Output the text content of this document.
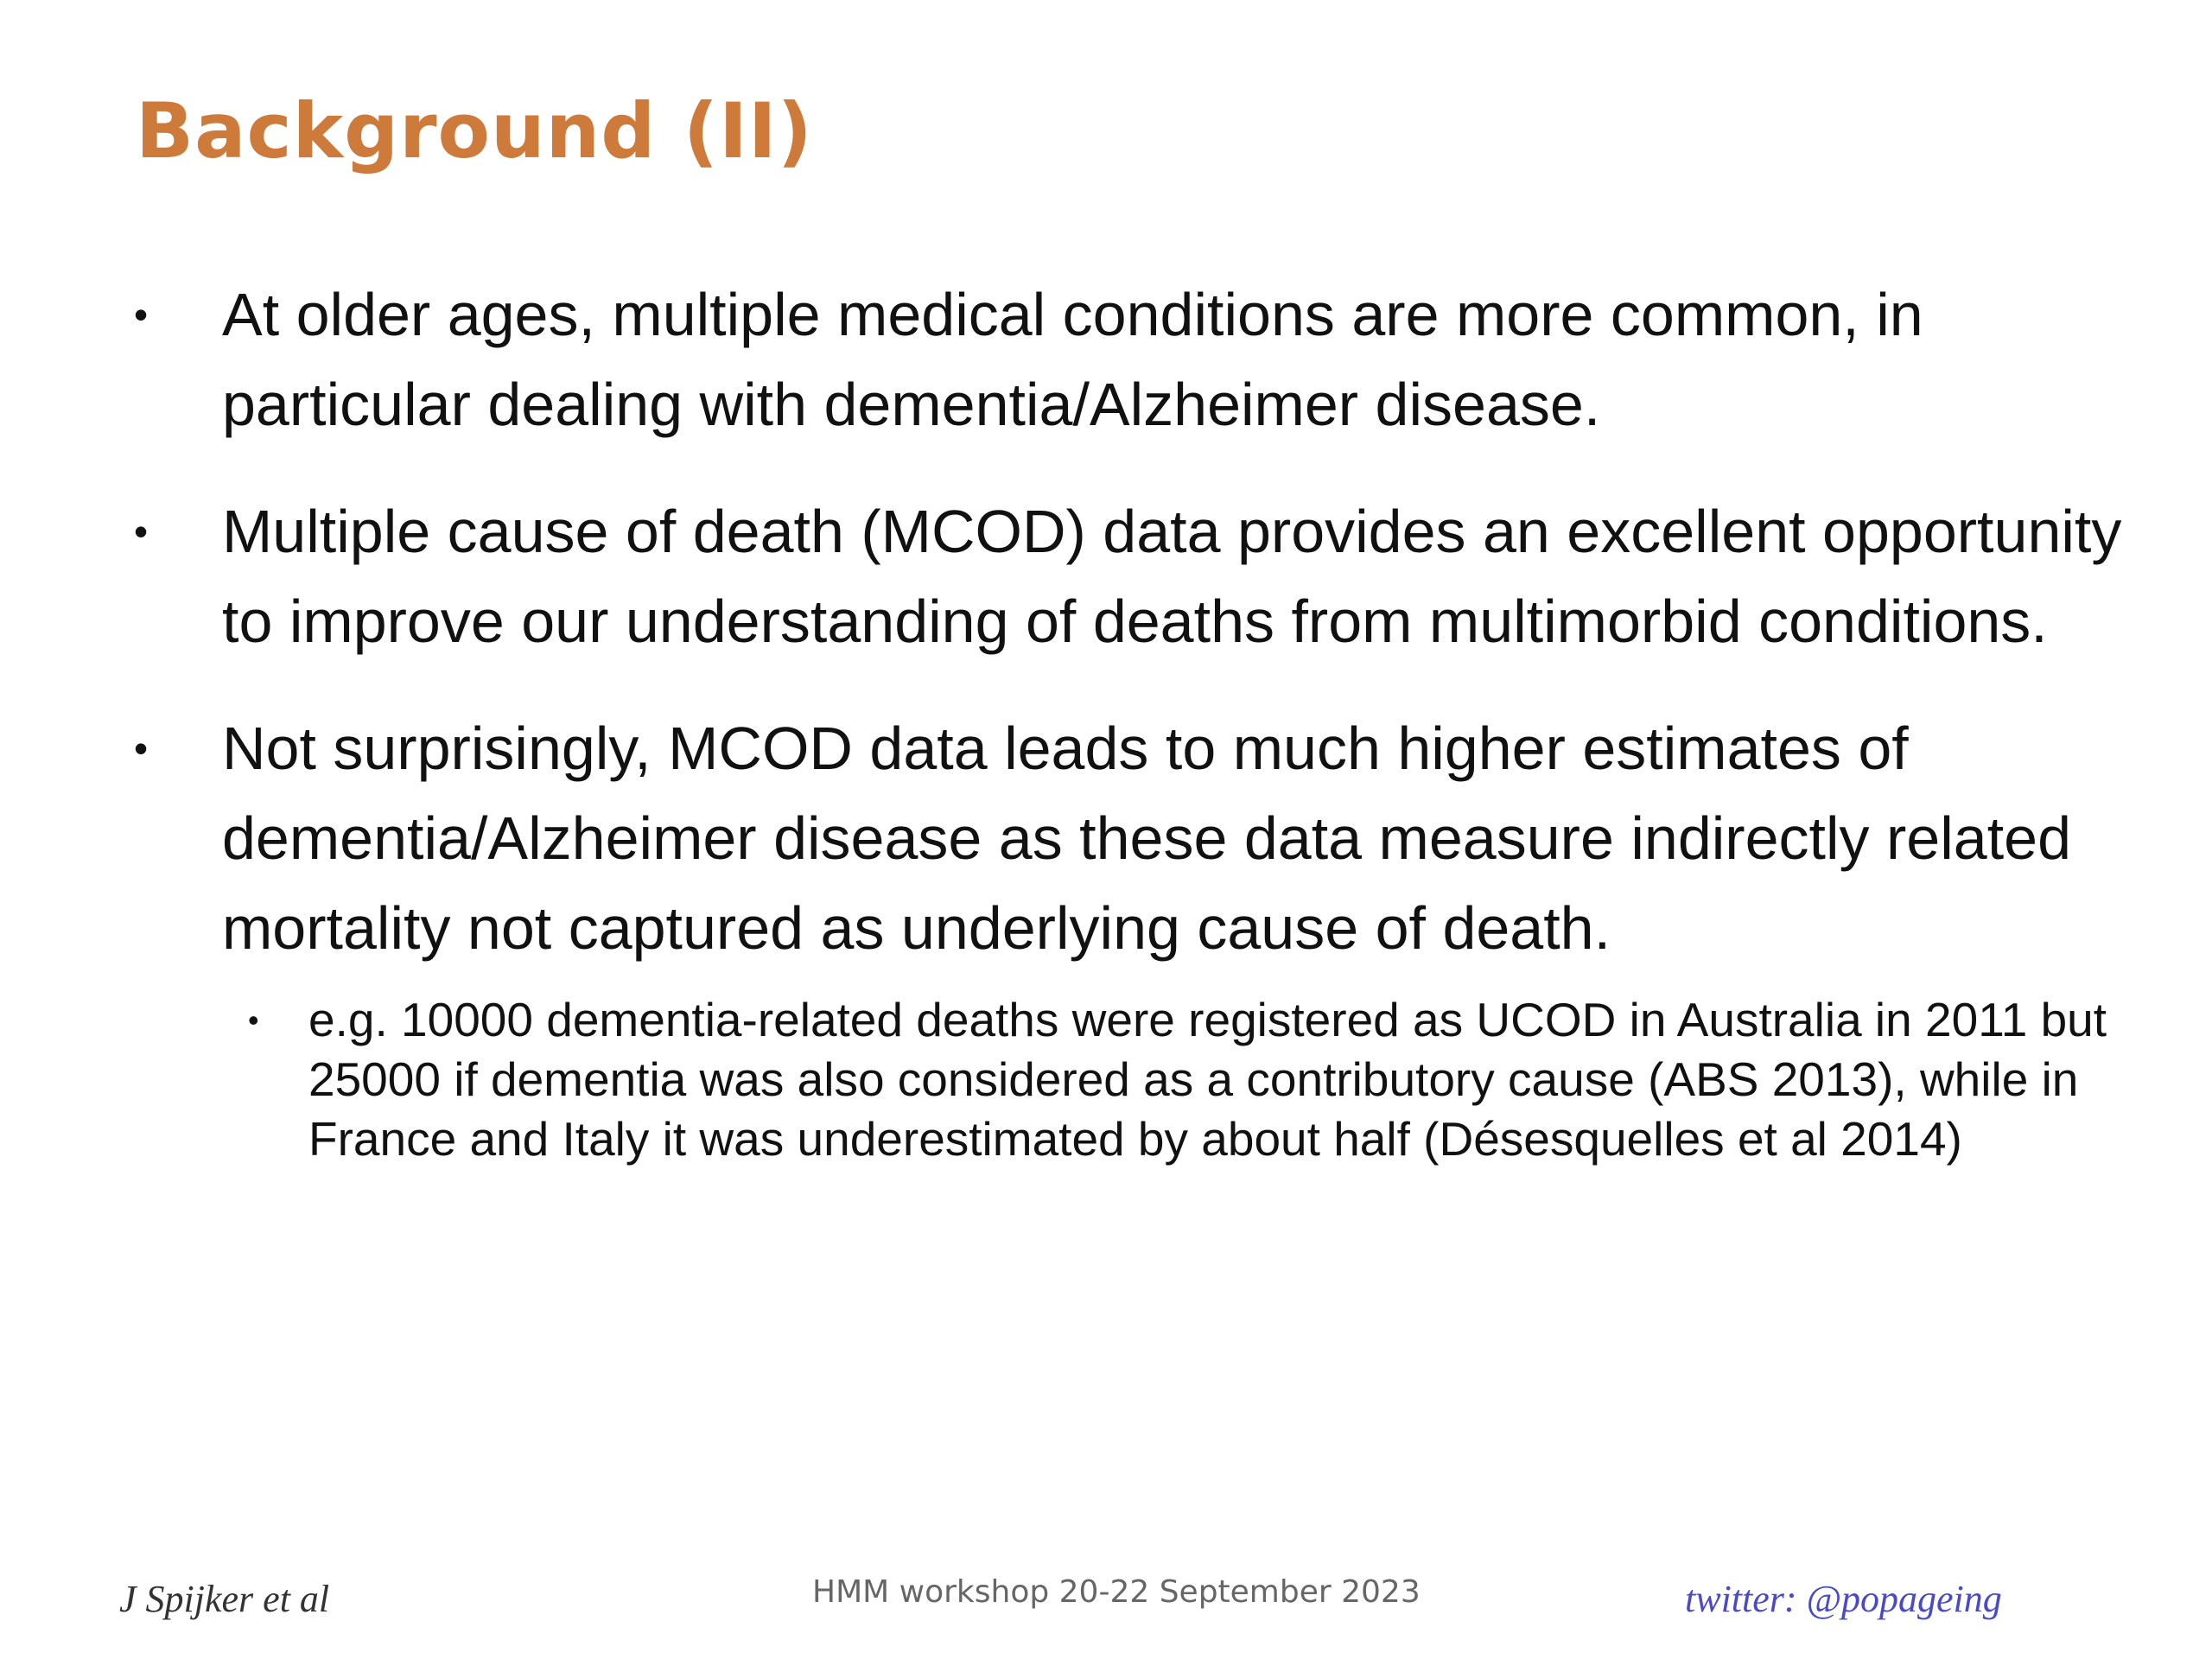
Background (II)
•	At older ages, multiple medical conditions are more common, in particular dealing with dementia/Alzheimer disease.
•	Multiple cause of death (MCOD) data provides an excellent opportunity to improve our understanding of deaths from multimorbid conditions.
•	Not surprisingly, MCOD data leads to much higher estimates of dementia/Alzheimer disease as these data measure indirectly related mortality not captured as underlying cause of death.
• e.g. 10000 dementia-related deaths were registered as UCOD in Australia in 2011 but 25000 if dementia was also considered as a contributory cause (ABS 2013), while in France and Italy it was underestimated by about half (Désesquelles et al 2014)
J Spijker et al	HMM workshop 20-22 September 2023	twitter: @popageing
